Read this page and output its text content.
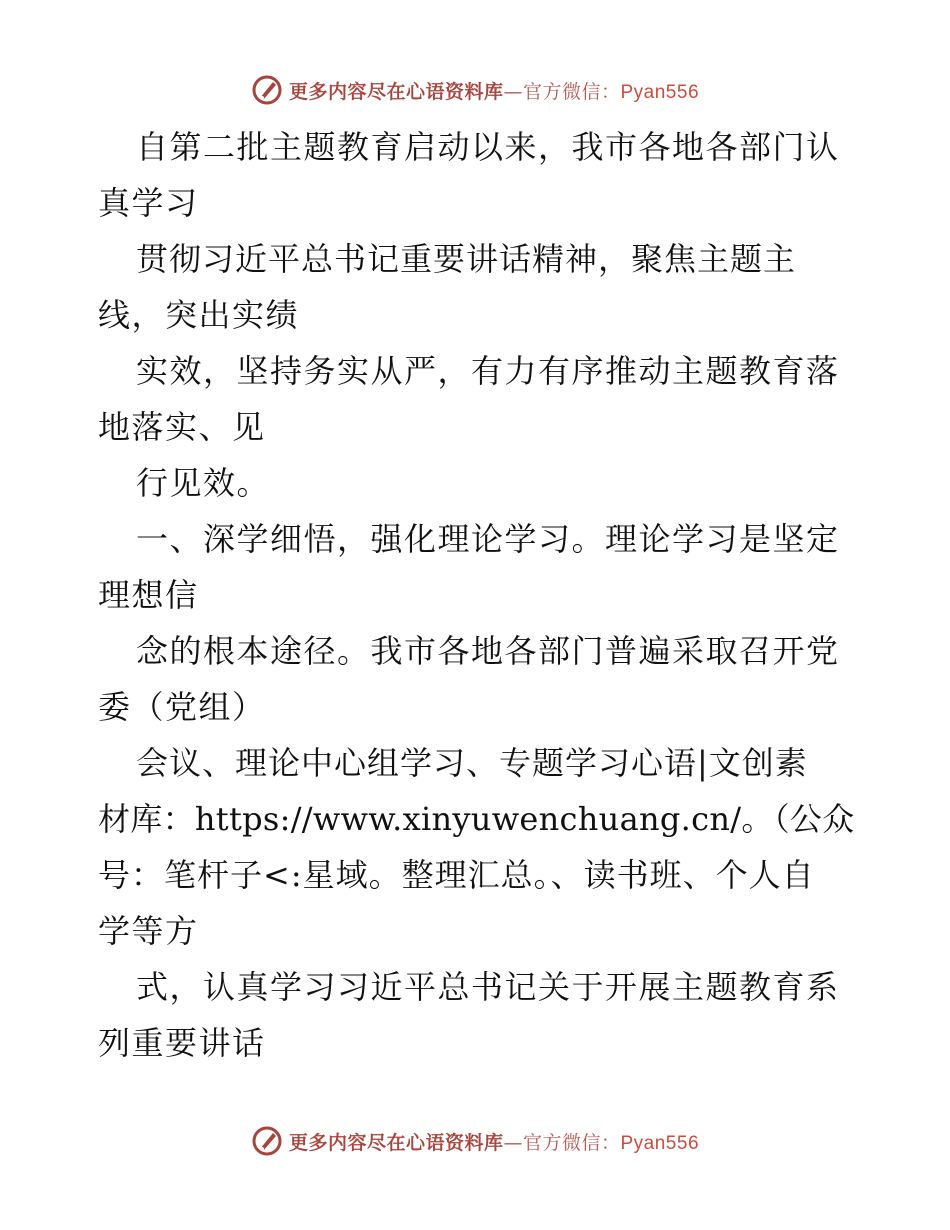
更多内容尽在心语资料库—官方微信：Pyan556
自第二批主题教育启动以来，我市各地各部门认
真学习
贯彻习近平总书记重要讲话精神，聚焦主题主
线，突出实绩
实效，坚持务实从严，有力有序推动主题教育落
地落实、见
行见效。
一、深学细悟，强化理论学习。理论学习是坚定
理想信
念的根本途径。我市各地各部门普遍采取召开党
委（党组）
会议、理论中心组学习、专题学习心语|文创素
材库：https://www.xinyuwenchuang.cn/。（公众
号：笔杆子<:星域。整理汇总。、读书班、个人自
学等方
式，认真学习习近平总书记关于开展主题教育系
列重要讲话
更多内容尽在心语资料库—官方微信：Pyan556
